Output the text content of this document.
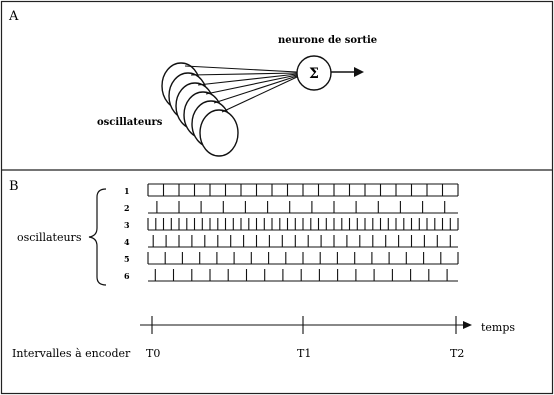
A
Σ
neurone de sortie
oscillateurs
B
oscillateurs
1
2
3
4
5
6
temps
Intervalles à encoder T0	T1	T2
